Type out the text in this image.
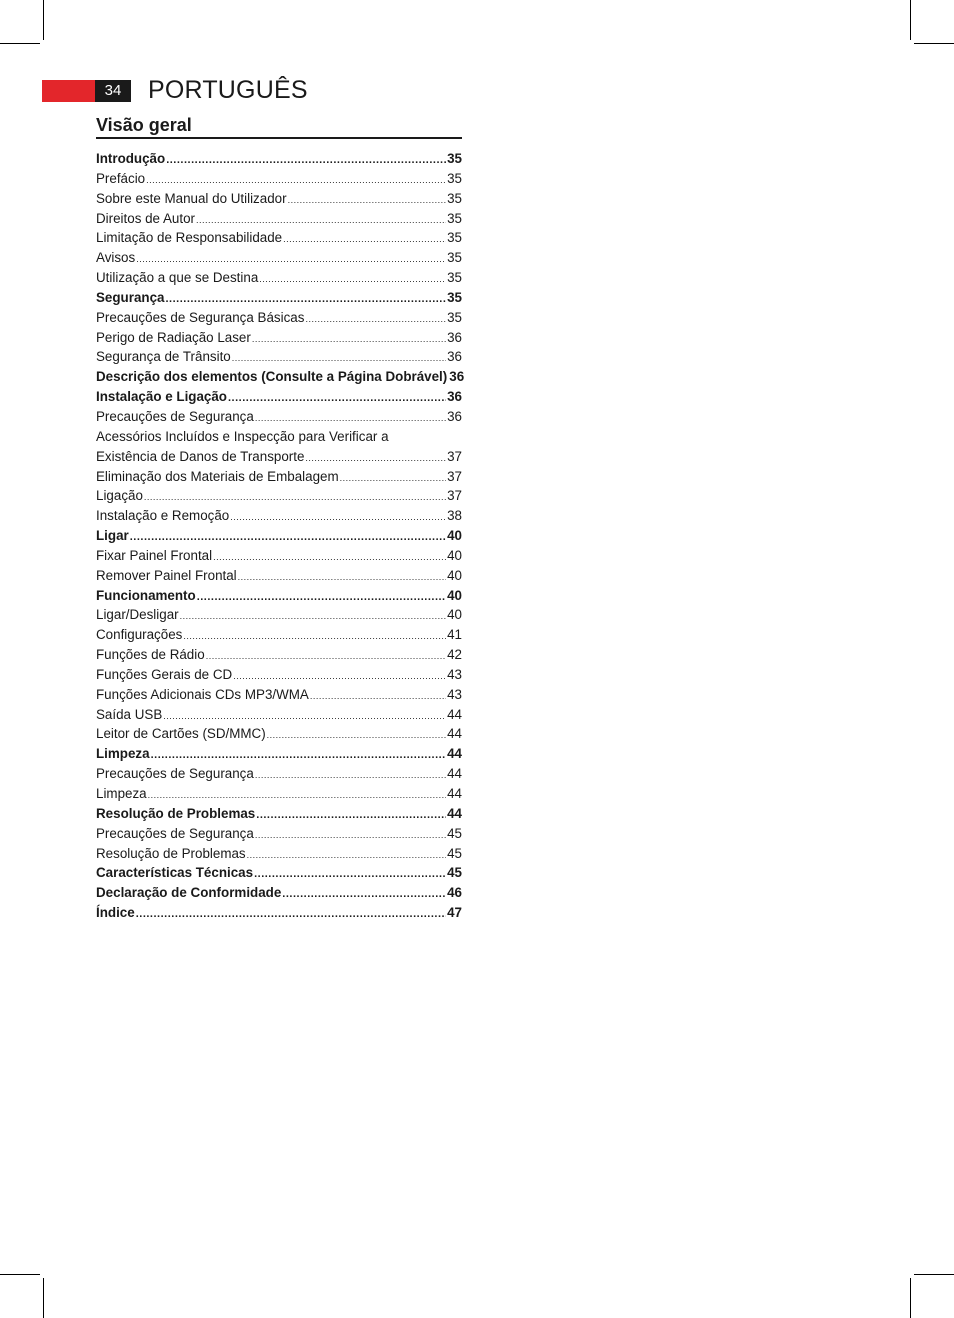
34	PORTUGUÊS
Visão geral
Introdução .....	35
Prefácio .....	35
Sobre este Manual do Utilizador .....	35
Direitos de Autor .....	35
Limitação de Responsabilidade .....	35
Avisos .....	35
Utilização a que se Destina .....	35
Segurança .....	35
Precauções de Segurança Básicas .....	35
Perigo de Radiação Laser .....	36
Segurança de Trânsito .....	36
Descrição dos elementos (Consulte a Página Dobrável) 36
Instalação e Ligação .....	36
Precauções de Segurança .....	36
Acessórios Incluídos e Inspecção para Verificar a
Existência de Danos de Transporte .....	37
Eliminação dos Materiais de Embalagem .....	37
Ligação .....	37
Instalação e Remoção .....	38
Ligar .....	40
Fixar Painel Frontal .....	40
Remover Painel Frontal .....	40
Funcionamento .....	40
Ligar/Desligar .....	40
Configurações .....	41
Funções de Rádio .....	42
Funções Gerais de CD .....	43
Funções Adicionais CDs MP3/WMA .....	43
Saída USB .....	44
Leitor de Cartões (SD/MMC) .....	44
Limpeza .....	44
Precauções de Segurança .....	44
Limpeza .....	44
Resolução de Problemas .....	44
Precauções de Segurança .....	45
Resolução de Problemas .....	45
Características Técnicas .....	45
Declaração de Conformidade .....	46
Índice .....	47
